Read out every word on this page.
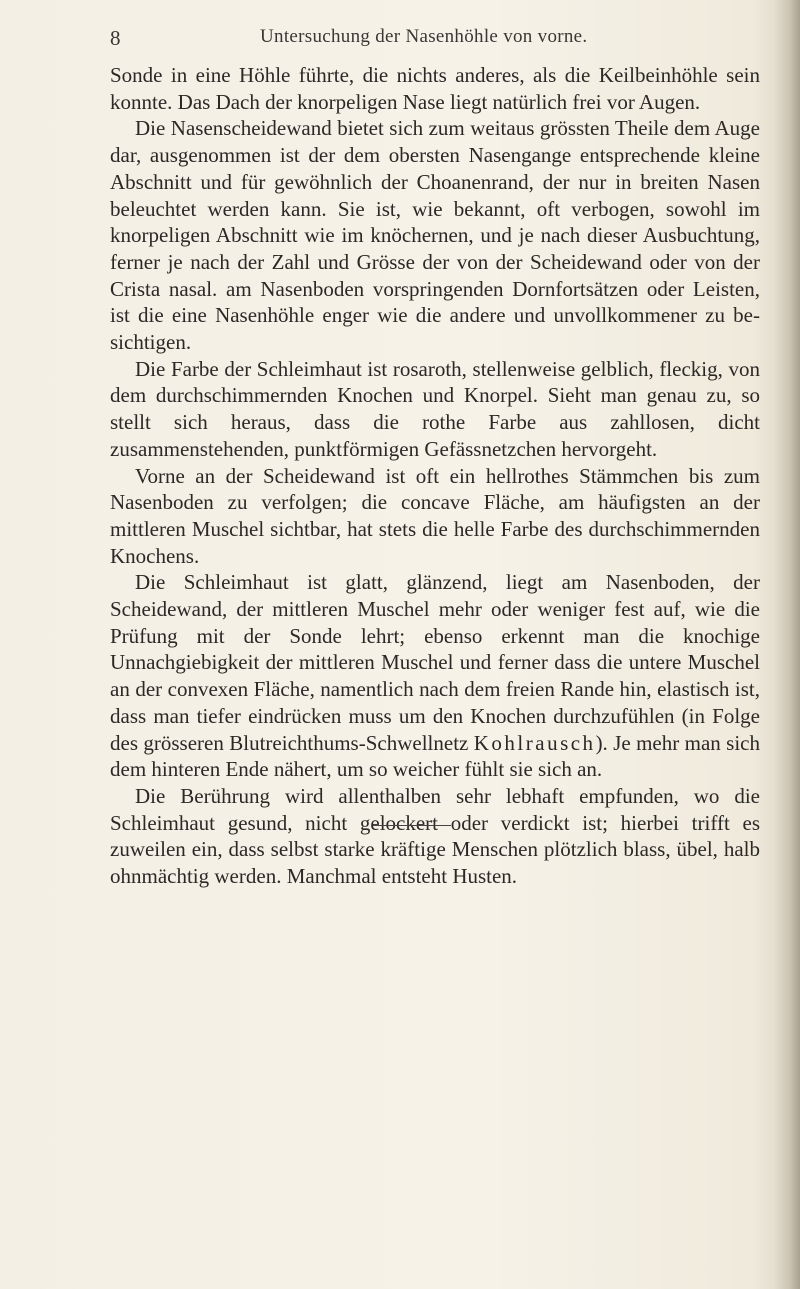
8	Untersuchung der Nasenhöhle von vorne.

Sonde in eine Höhle führte, die nichts anderes, als die Keilbeinhöhle sein konnte. Das Dach der knorpeligen Nase liegt natürlich frei vor Augen.

Die Nasenscheidewand bietet sich zum weitaus grössten Theile dem Auge dar, ausgenommen ist der dem obersten Nasengange entsprechende kleine Abschnitt und für gewöhnlich der Choanenrand, der nur in breiten Nasen beleuchtet werden kann. Sie ist, wie bekannt, oft verbogen, sowohl im knorpeligen Abschnitt wie im knöchernen, und je nach dieser Ausbuchtung, ferner je nach der Zahl und Grösse der von der Scheidewand oder von der Crista nasal. am Nasenboden vorspringenden Dornfortsätzen oder Leisten, ist die eine Nasenhöhle enger wie die andere und unvollkommener zu besichtigen.

Die Farbe der Schleimhaut ist rosaroth, stellenweise gelblich, fleckig, von dem durchschimmernden Knochen und Knorpel. Sieht man genau zu, so stellt sich heraus, dass die rothe Farbe aus zahllosen, dicht zusammenstehenden, punktförmigen Gefässnetzchen hervorgeht.

Vorne an der Scheidewand ist oft ein hellrothes Stämmchen bis zum Nasenboden zu verfolgen; die concave Fläche, am häufigsten an der mittleren Muschel sichtbar, hat stets die helle Farbe des durchschimmernden Knochens.

Die Schleimhaut ist glatt, glänzend, liegt am Nasenboden, der Scheidewand, der mittleren Muschel mehr oder weniger fest auf, wie die Prüfung mit der Sonde lehrt; ebenso erkennt man die knochige Unnachgiebigkeit der mittleren Muschel und ferner dass die untere Muschel an der convexen Fläche, namentlich nach dem freien Rande hin, elastisch ist, dass man tiefer eindrücken muss um den Knochen durchzufühlen (in Folge des grösseren Blutreichthums-Schwellnetz Kohlrausch). Je mehr man sich dem hinteren Ende nähert, um so weicher fühlt sie sich an.

Die Berührung wird allenthalben sehr lebhaft empfunden, wo die Schleimhaut gesund, nicht gelockert oder verdickt ist; hierbei trifft es zuweilen ein, dass selbst starke kräftige Menschen plötzlich blass, übel, halb ohnmächtig werden. Manchmal entsteht Husten.
